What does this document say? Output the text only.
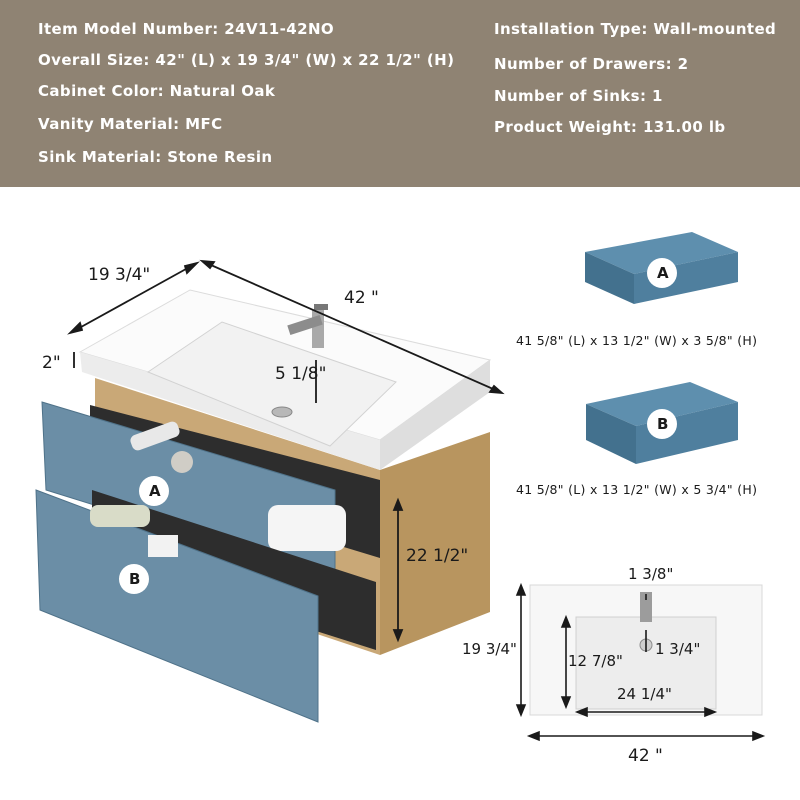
Item Model Number: 24V11-42NO
Overall Size: 42" (L) x 19 3/4" (W) x 22 1/2" (H)
Cabinet Color: Natural Oak
Vanity Material: MFC
Sink Material: Stone Resin
Installation Type: Wall-mounted
Number of Drawers: 2
Number of Sinks: 1
Product Weight: 131.00 lb
19 3/4"
42 "
2"
5 1/8"
22 1/2"
A
B
A
41 5/8" (L) x 13 1/2" (W) x 3 5/8" (H)
B
41 5/8" (L) x 13 1/2" (W) x 5 3/4" (H)
1 3/8"
19 3/4"
12 7/8"
1 3/4"
24 1/4"
42 "
